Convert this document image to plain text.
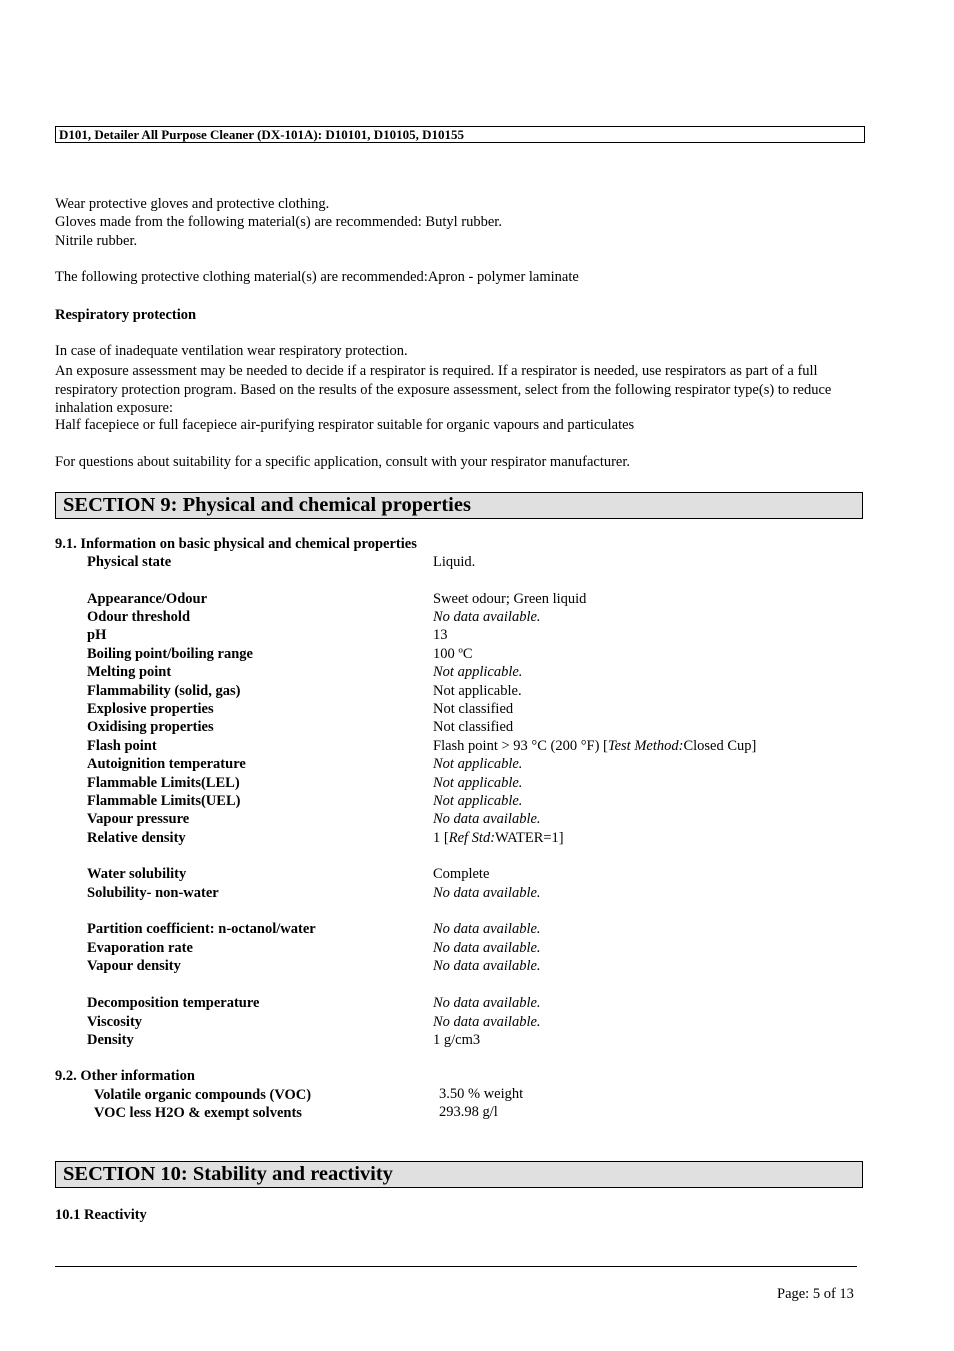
D101, Detailer All Purpose Cleaner (DX-101A): D10101, D10105, D10155
Wear protective gloves and protective clothing.
Gloves made from the following material(s) are recommended: Butyl rubber.
Nitrile rubber.
The following protective clothing material(s) are recommended:Apron - polymer laminate
Respiratory protection
In case of inadequate ventilation wear respiratory protection.
An exposure assessment may be needed to decide if a respirator is required. If a respirator is needed, use respirators as part of a full respiratory protection program. Based on the results of the exposure assessment, select from the following respirator type(s) to reduce inhalation exposure:
Half facepiece or full facepiece air-purifying respirator suitable for organic vapours and particulates
For questions about suitability for a specific application, consult with your respirator manufacturer.
SECTION 9: Physical and chemical properties
9.1. Information on basic physical and chemical properties
Physical state	Liquid.
Appearance/Odour	Sweet odour; Green liquid
Odour threshold	No data available.
pH	13
Boiling point/boiling range	100 ºC
Melting point	Not applicable.
Flammability (solid, gas)	Not applicable.
Explosive properties	Not classified
Oxidising properties	Not classified
Flash point	Flash point > 93 °C (200 °F) [Test Method:Closed Cup]
Autoignition temperature	Not applicable.
Flammable Limits(LEL)	Not applicable.
Flammable Limits(UEL)	Not applicable.
Vapour pressure	No data available.
Relative density	1 [Ref Std:WATER=1]
Water solubility	Complete
Solubility- non-water	No data available.
Partition coefficient: n-octanol/water	No data available.
Evaporation rate	No data available.
Vapour density	No data available.
Decomposition temperature	No data available.
Viscosity	No data available.
Density	1 g/cm3
9.2. Other information
Volatile organic compounds (VOC)	3.50 % weight
VOC less H2O & exempt solvents	293.98 g/l
SECTION 10: Stability and reactivity
10.1 Reactivity
Page: 5 of 13
